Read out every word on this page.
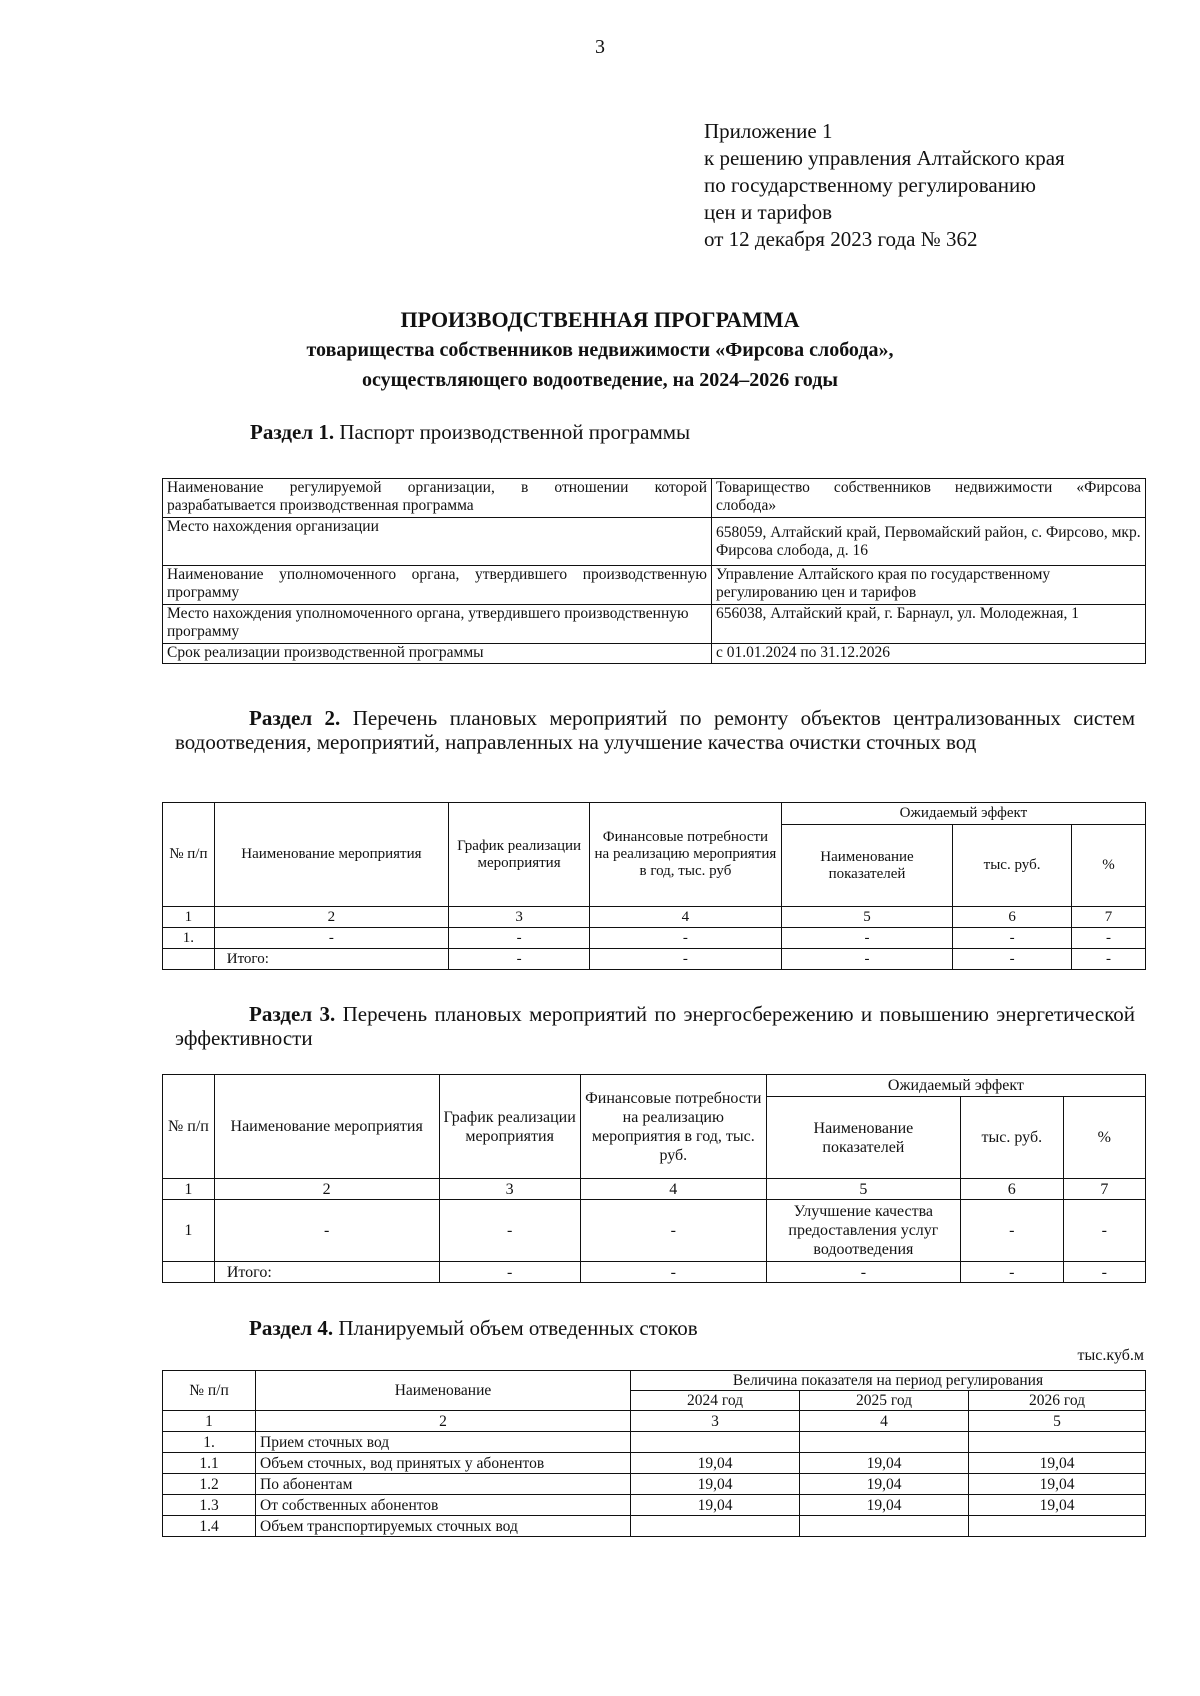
3
Приложение 1
к решению управления Алтайского края
по государственному регулированию
цен и тарифов
от 12 декабря 2023 года № 362
ПРОИЗВОДСТВЕННАЯ ПРОГРАММА
товарищества собственников недвижимости «Фирсова слобода»,
осуществляющего водоотведение, на 2024–2026 годы
Раздел 1. Паспорт производственной программы
Наименование регулируемой организации, в отношении которой разрабатывается производственная программа	Товарищество собственников недвижимости «Фирсова слобода»
Место нахождения организации	658059, Алтайский край, Первомайский район, с. Фирсово, мкр. Фирсова слобода, д. 16
Наименование уполномоченного органа, утвердившего производственную программу	Управление Алтайского края по государственному регулированию цен и тарифов
Место нахождения уполномоченного органа, утвердившего производственную программу	656038, Алтайский край, г. Барнаул, ул. Молодежная, 1
Срок реализации производственной программы	с 01.01.2024 по 31.12.2026
Раздел 2. Перечень плановых мероприятий по ремонту объектов централизованных систем водоотведения, мероприятий, направленных на улучшение качества очистки сточных вод
№ п/п	Наименование мероприятия	График реализации мероприятия	Финансовые потребности на реализацию мероприятия в год, тыс. руб	Ожидаемый эффект		
				Наименование показателей	тыс. руб.	%
1	2	3	4	5	6	7
1.	-	-	-	-	-	-
	Итого:	-	-	-	-	-
Раздел 3. Перечень плановых мероприятий по энергосбережению и повышению энергетической эффективности
№ п/п	Наименование мероприятия	График реализации мероприятия	Финансовые потребности на реализацию мероприятия в год, тыс. руб.	Ожидаемый эффект		
				Наименование показателей	тыс. руб.	%
1	2	3	4	5	6	7
1	-	-	-	Улучшение качества предоставления услуг водоотведения	-	-
	Итого:	-	-	-	-	-
Раздел 4. Планируемый объем отведенных стоков
тыс.куб.м
№ п/п	Наименование	Величина показателя на период регулирования		
		2024 год	2025 год	2026 год
1	2	3	4	5
1.	Прием сточных вод			
1.1	Объем сточных, вод принятых у абонентов	19,04	19,04	19,04
1.2	По абонентам	19,04	19,04	19,04
1.3	От собственных абонентов	19,04	19,04	19,04
1.4	Объем транспортируемых сточных вод			
